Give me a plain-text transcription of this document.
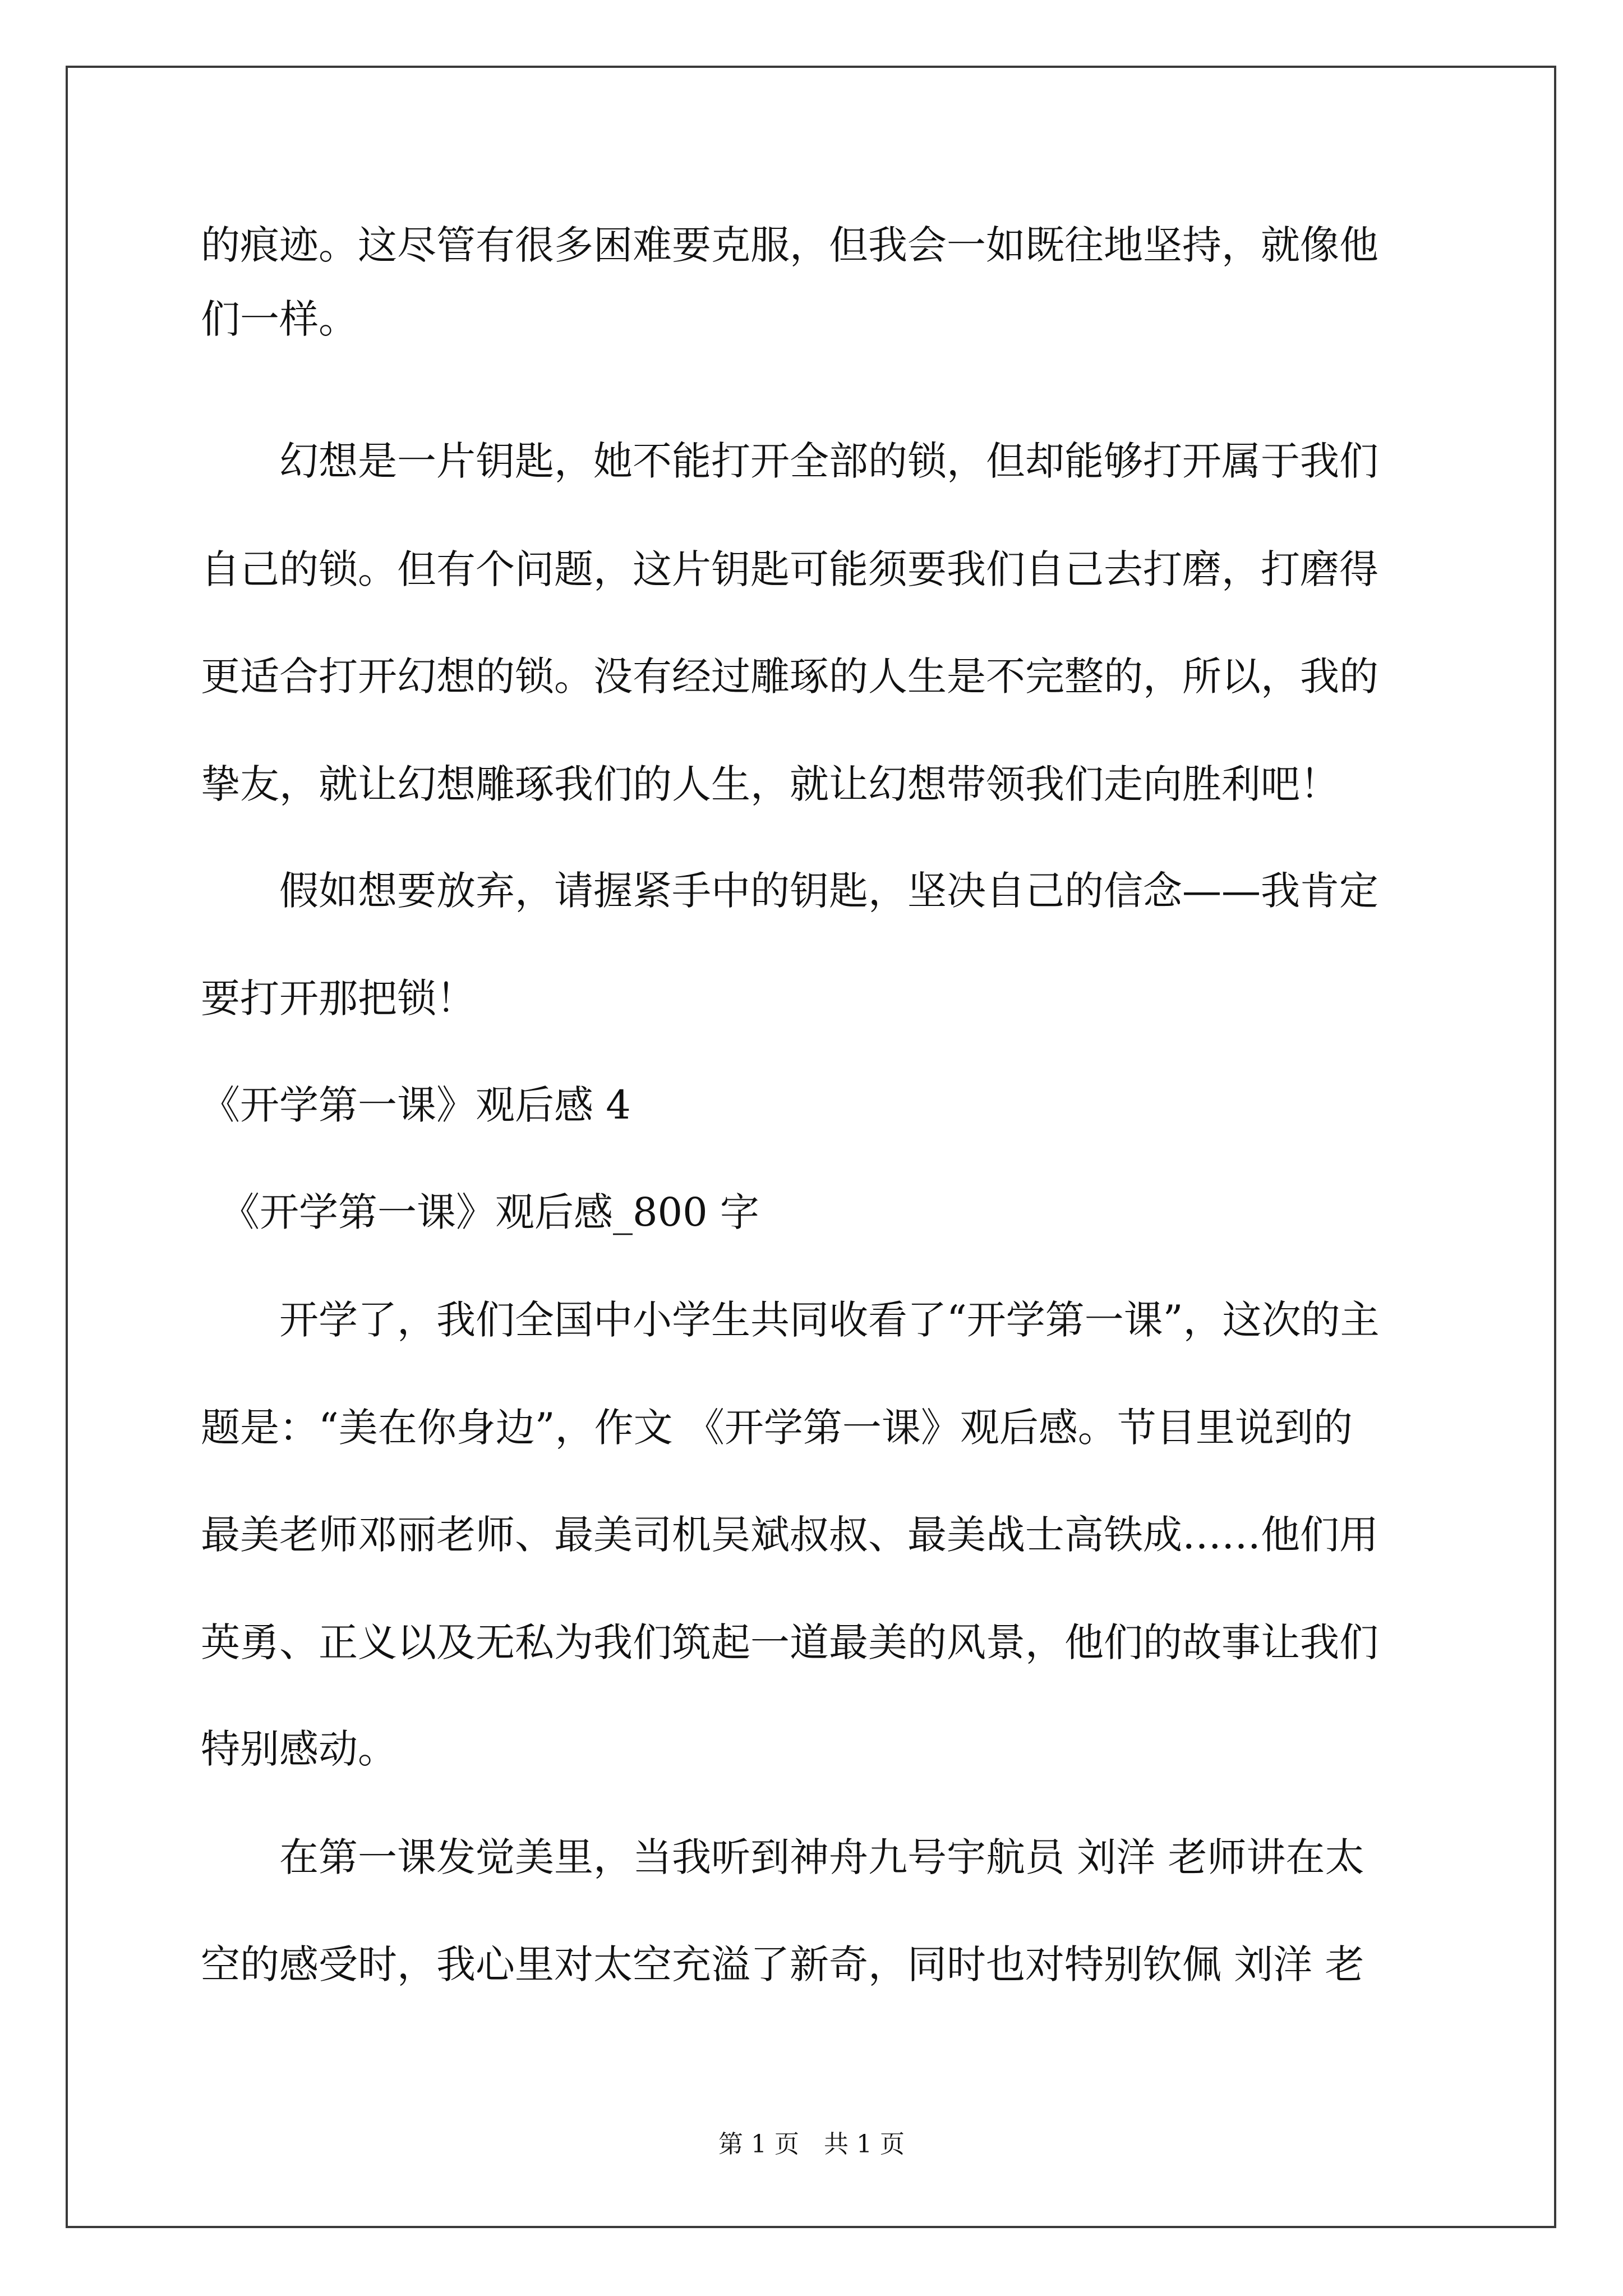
的痕迹。这尽管有很多困难要克服，但我会一如既往地坚持，就像他
们一样。
　　幻想是一片钥匙，她不能打开全部的锁，但却能够打开属于我们
自己的锁。但有个问题，这片钥匙可能须要我们自己去打磨，打磨得
更适合打开幻想的锁。没有经过雕琢的人生是不完整的，所以，我的
挚友，就让幻想雕琢我们的人生，就让幻想带领我们走向胜利吧！
　　假如想要放弃，请握紧手中的钥匙，坚决自己的信念——我肯定
要打开那把锁！
《开学第一课》观后感 4
　《开学第一课》观后感_800 字
　　开学了，我们全国中小学生共同收看了“开学第一课”，这次的主
题是：“美在你身边”，作文 《开学第一课》观后感。节目里说到的
最美老师邓丽老师、最美司机吴斌叔叔、最美战士高铁成……他们用
英勇、正义以及无私为我们筑起一道最美的风景，他们的故事让我们
特别感动。
　　在第一课发觉美里，当我听到神舟九号宇航员 刘洋 老师讲在太
空的感受时，我心里对太空充溢了新奇，同时也对特别钦佩 刘洋 老
第 1 页　共 1 页
